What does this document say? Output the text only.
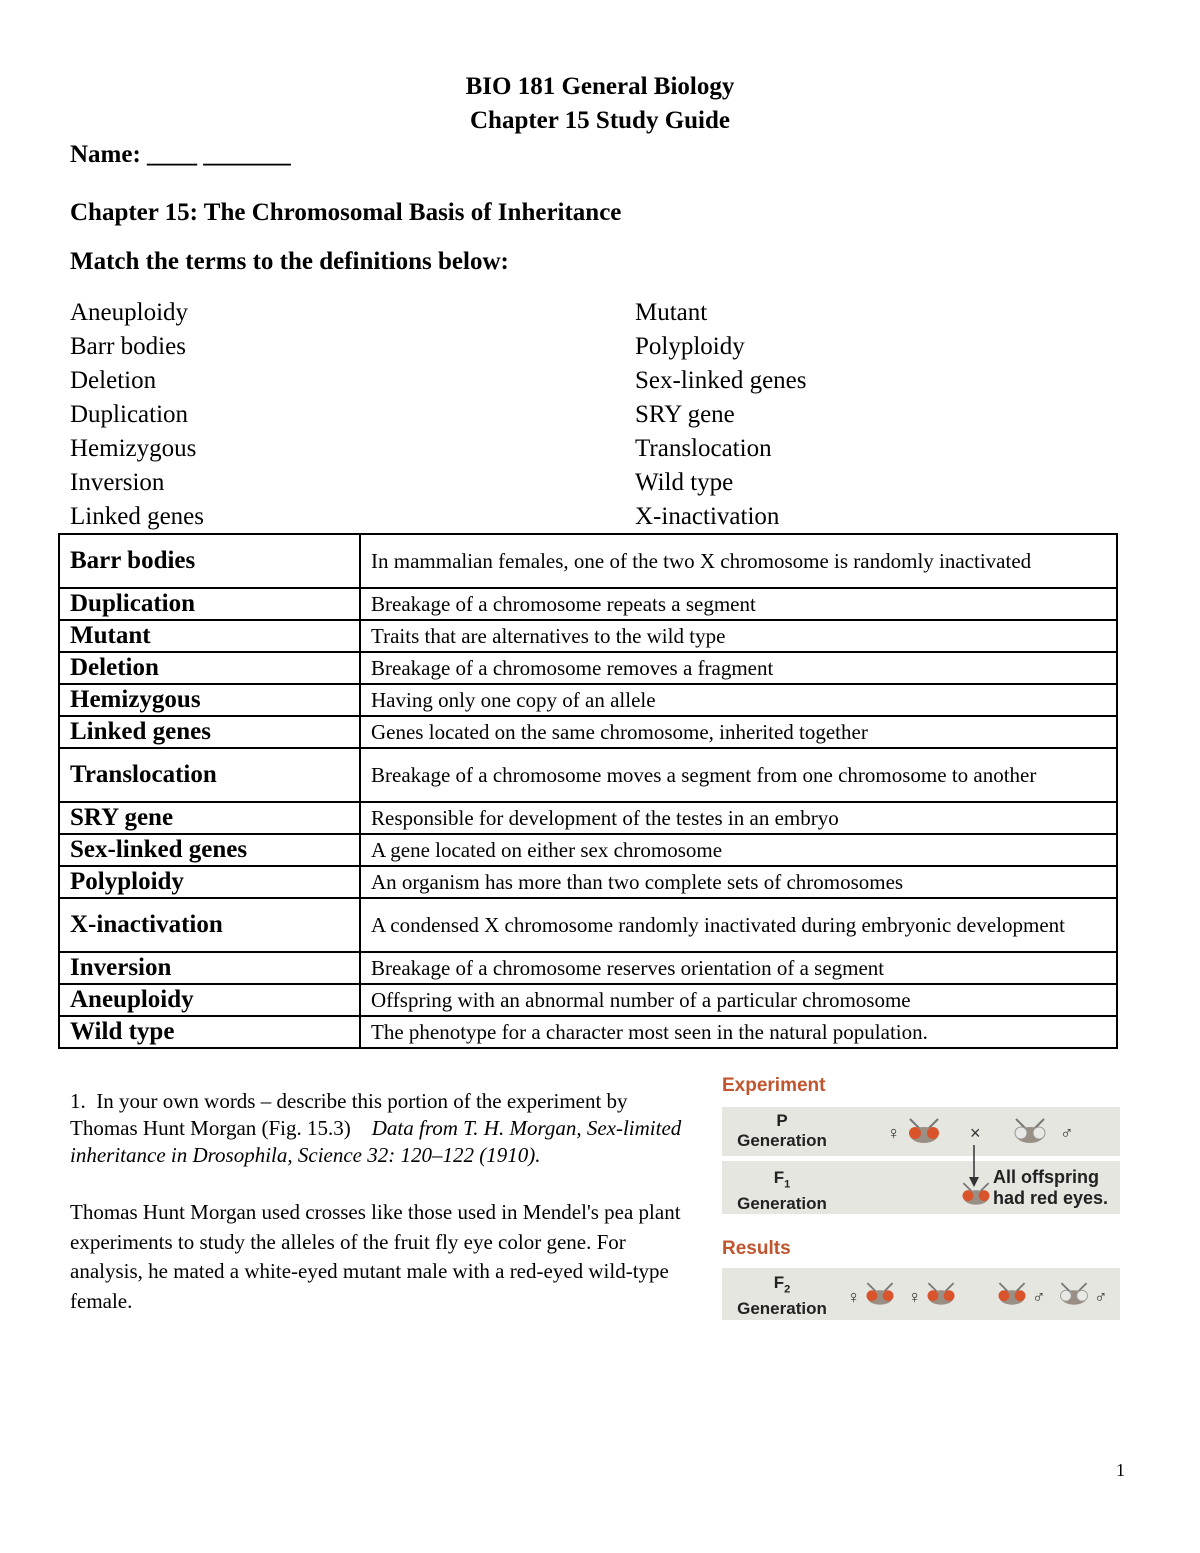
BIO 181 General Biology
Chapter 15 Study Guide
Name: ____ _______
Chapter 15: The Chromosomal Basis of Inheritance
Match the terms to the definitions below:
Aneuploidy	Mutant
Barr bodies	Polyploidy
Deletion	Sex-linked genes
Duplication	SRY gene
Hemizygous	Translocation
Inversion	Wild type
Linked genes	X-inactivation
Barr bodies	In mammalian females, one of the two X chromosome is randomly inactivated
Duplication	Breakage of a chromosome repeats a segment
Mutant	Traits that are alternatives to the wild type
Deletion	Breakage of a chromosome removes a fragment
Hemizygous	Having only one copy of an allele
Linked genes	Genes located on the same chromosome, inherited together
Translocation	Breakage of a chromosome moves a segment from one chromosome to another
SRY gene	Responsible for development of the testes in an embryo
Sex-linked genes	A gene located on either sex chromosome
Polyploidy	An organism has more than two complete sets of chromosomes
X-inactivation	A condensed X chromosome randomly inactivated during embryonic development
Inversion	Breakage of a chromosome reserves orientation of a segment
Aneuploidy	Offspring with an abnormal number of a particular chromosome
Wild type	The phenotype for a character most seen in the natural population.
1. In your own words – describe this portion of the experiment by Thomas Hunt Morgan (Fig. 15.3) Data from T. H. Morgan, Sex-limited inheritance in Drosophila, Science 32: 120–122 (1910).
Thomas Hunt Morgan used crosses like those used in Mendel's pea plant experiments to study the alleles of the fruit fly eye color gene. For analysis, he mated a white-eyed mutant male with a red-eyed wild-type female.
Experiment
P
Generation	♀	×	♂
$F_1$
Generation
All offspring
had red eyes.
Results
$F_2$
Generation
♀	♀	♂	♂
1
